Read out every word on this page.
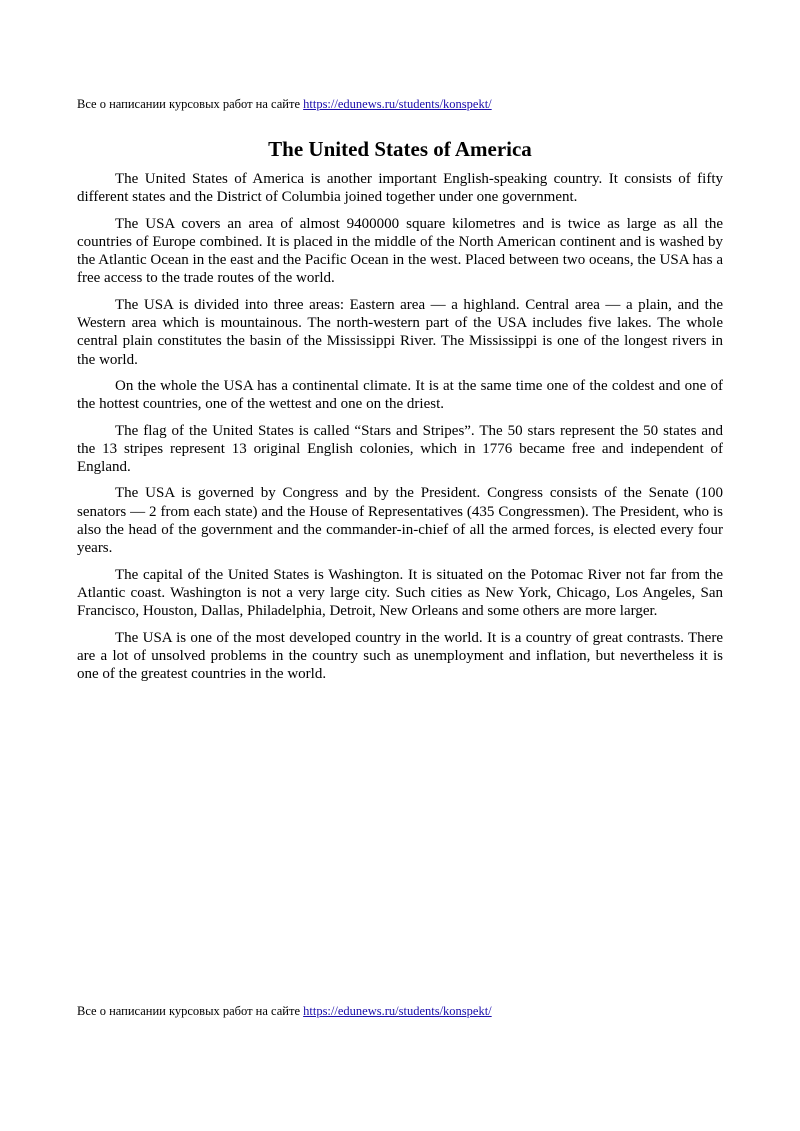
Все о написании курсовых работ на сайте https://edunews.ru/students/konspekt/
The United States of America

The United States of America is another important English-speaking country. It consists of fifty different states and the District of Columbia joined together under one government.

The USA covers an area of almost 9400000 square kilometres and is twice as large as all the countries of Europe combined. It is placed in the middle of the North American continent and is washed by the Atlantic Ocean in the east and the Pacific Ocean in the west. Placed between two oceans, the USA has a free access to the trade routes of the world.

The USA is divided into three areas: Eastern area — a highland. Central area — a plain, and the Western area which is mountainous. The north-western part of the USA includes five lakes. The whole central plain constitutes the basin of the Mississippi River. The Mississippi is one of the longest rivers in the world.

On the whole the USA has a continental climate. It is at the same time one of the coldest and one of the hottest countries, one of the wettest and one on the driest.

The flag of the United States is called “Stars and Stripes”. The 50 stars represent the 50 states and the 13 stripes represent 13 original English colonies, which in 1776 became free and independent of England.

The USA is governed by Congress and by the President. Congress consists of the Senate (100 senators — 2 from each state) and the House of Representatives (435 Congressmen). The President, who is also the head of the government and the commander-in-chief of all the armed forces, is elected every four years.

The capital of the United States is Washington. It is situated on the Potomac River not far from the Atlantic coast. Washington is not a very large city. Such cities as New York, Chicago, Los Angeles, San Francisco, Houston, Dallas, Philadelphia, Detroit, New Orleans and some others are more larger.

The USA is one of the most developed country in the world. It is a country of great contrasts. There are a lot of unsolved problems in the country such as unemployment and inflation, but nevertheless it is one of the greatest countries in the world.

Все о написании курсовых работ на сайте https://edunews.ru/students/konspekt/
